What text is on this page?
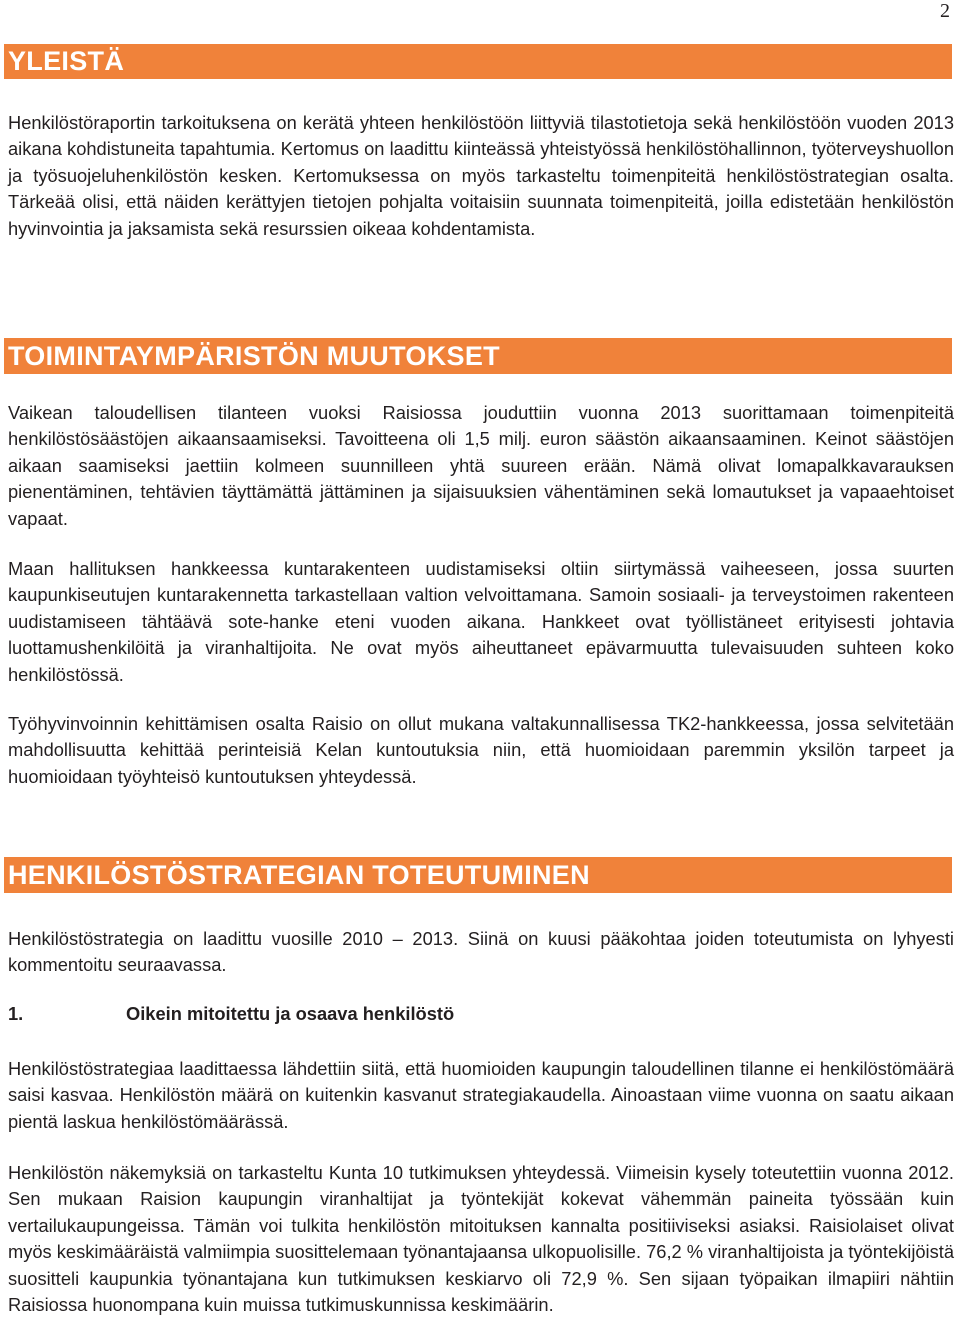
2
YLEISTÄ

Henkilöstöraportin tarkoituksena on kerätä yhteen henkilöstöön liittyviä tilastotietoja sekä henkilöstöön vuoden 2013 aikana kohdistuneita tapahtumia. Kertomus on laadittu kiinteässä yhteistyössä henkilöstöhallinnon, työterveyshuollon ja työsuojeluhenkilöstön kesken. Kertomuksessa on myös tarkasteltu toimenpiteitä henkilöstöstrategian osalta. Tärkeää olisi, että näiden kerättyjen tietojen pohjalta voitaisiin suunnata toimenpiteitä, joilla edistetään henkilöstön hyvinvointia ja jaksamista sekä resurssien oikeaa kohdentamista.

TOIMINTAYMPÄRISTÖN MUUTOKSET

Vaikean taloudellisen tilanteen vuoksi Raisiossa jouduttiin vuonna 2013 suorittamaan toimenpiteitä henkilöstösäästöjen aikaansaamiseksi. Tavoitteena oli 1,5 milj. euron säästön aikaansaaminen. Keinot säästöjen aikaan saamiseksi jaettiin kolmeen suunnilleen yhtä suureen erään. Nämä olivat lomapalkkavarauksen pienentäminen, tehtävien täyttämättä jättäminen ja sijaisuuksien vähentäminen sekä lomautukset ja vapaaehtoiset vapaat.

Maan hallituksen hankkeessa kuntarakenteen uudistamiseksi oltiin siirtymässä vaiheeseen, jossa suurten kaupunkiseutujen kuntarakennetta tarkastellaan valtion velvoittamana. Samoin sosiaali- ja terveystoimen rakenteen uudistamiseen tähtäävä sote-hanke eteni vuoden aikana. Hankkeet ovat työllistäneet erityisesti johtavia luottamushenkilöitä ja viranhaltijoita. Ne ovat myös aiheuttaneet epävarmuutta tulevaisuuden suhteen koko henkilöstössä.

Työhyvinvoinnin kehittämisen osalta Raisio on ollut mukana valtakunnallisessa TK2-hankkeessa, jossa selvitetään mahdollisuutta kehittää perinteisiä Kelan kuntoutuksia niin, että huomioidaan paremmin yksilön tarpeet ja huomioidaan työyhteisö kuntoutuksen yhteydessä.

HENKILÖSTÖSTRATEGIAN TOTEUTUMINEN

Henkilöstöstrategia on laadittu vuosille 2010 – 2013. Siinä on kuusi pääkohtaa joiden toteutumista on lyhyesti kommentoitu seuraavassa.

1.	Oikein mitoitettu ja osaava henkilöstö

Henkilöstöstrategiaa laadittaessa lähdettiin siitä, että huomioiden kaupungin taloudellinen tilanne ei henkilöstömäärä saisi kasvaa. Henkilöstön määrä on kuitenkin kasvanut strategiakaudella. Ainoastaan viime vuonna on saatu aikaan pientä laskua henkilöstömäärässä.

Henkilöstön näkemyksiä on tarkasteltu Kunta 10 tutkimuksen yhteydessä. Viimeisin kysely toteutettiin vuonna 2012. Sen mukaan Raision kaupungin viranhaltijat ja työntekijät kokevat vähemmän paineita työssään kuin vertailukaupungeissa. Tämän voi tulkita henkilöstön mitoituksen kannalta positiiviseksi asiaksi. Raisiolaiset olivat myös keskimääräistä valmiimpia suosittelemaan työnantajaansa ulkopuolisille. 76,2 % viranhaltijoista ja työntekijöistä suositteli kaupunkia työnantajana kun tutkimuksen keskiarvo oli 72,9 %. Sen sijaan työpaikan ilmapiiri nähtiin Raisiossa huonompana kuin muissa tutkimuskunnissa keskimäärin.
